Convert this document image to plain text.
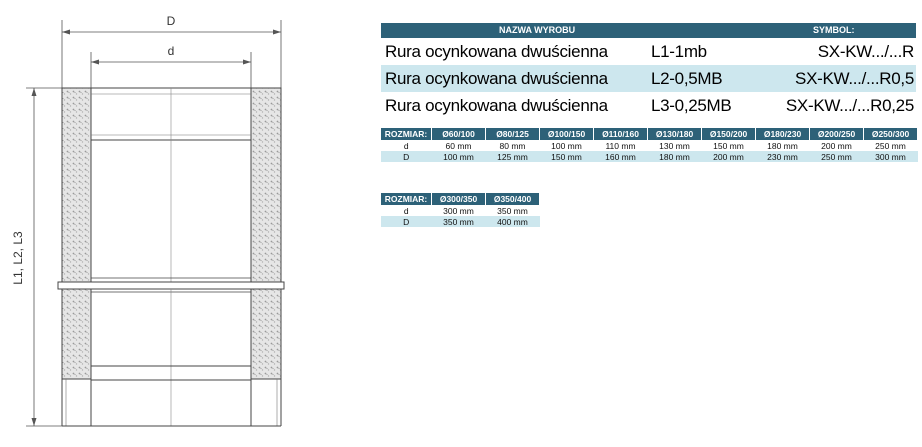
D
d
L1, L2, L3
NAZWA WYROBU	SYMBOL:
Rura ocynkowana dwuścienna	L1-1mb	SX-KW.../...R
Rura ocynkowana dwuścienna	L2-0,5MB	SX-KW.../...R0,5
Rura ocynkowana dwuścienna	L3-0,25MB	SX-KW.../...R0,25
ROZMIAR:	Ø60/100	Ø80/125	Ø100/150	Ø110/160	Ø130/180	Ø150/200	Ø180/230	Ø200/250	Ø250/300
d	60 mm	80 mm	100 mm	110 mm	130 mm	150 mm	180 mm	200 mm	250 mm
D	100 mm	125 mm	150 mm	160 mm	180 mm	200 mm	230 mm	250 mm	300 mm
ROZMIAR:	Ø300/350	Ø350/400
d	300 mm	350 mm
D	350 mm	400 mm
